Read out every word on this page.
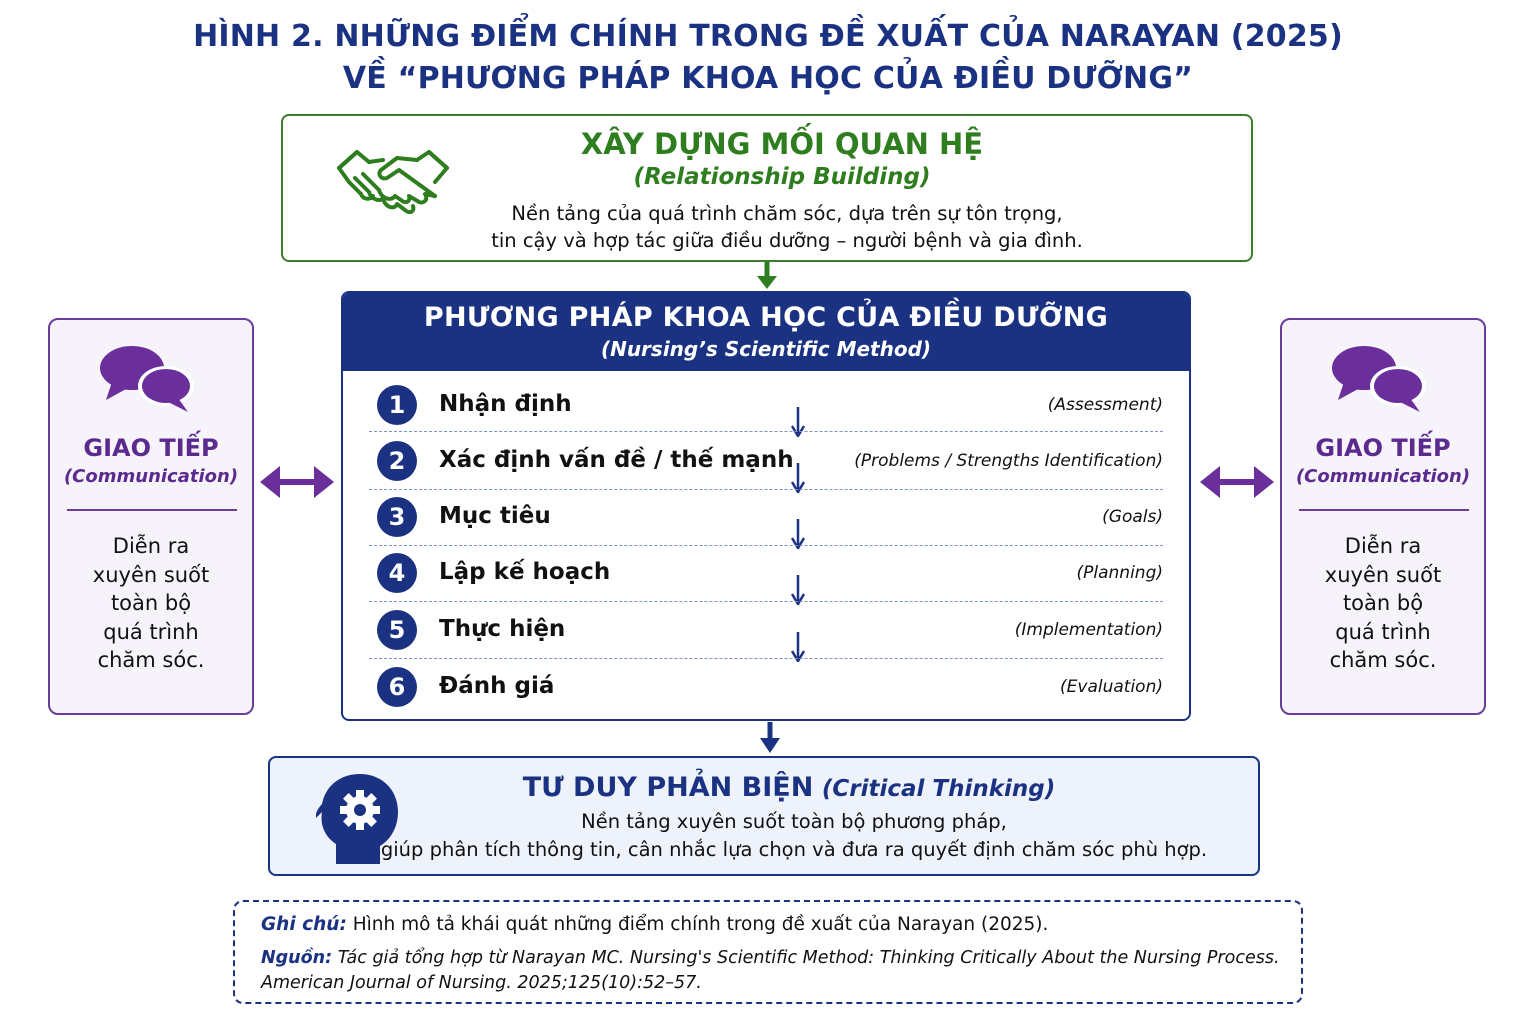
HÌNH 2. NHỮNG ĐIỂM CHÍNH TRONG ĐỀ XUẤT CỦA NARAYAN (2025)
VỀ “PHƯƠNG PHÁP KHOA HỌC CỦA ĐIỀU DƯỠNG”
XÂY DỰNG MỐI QUAN HỆ
(Relationship Building)
Nền tảng của quá trình chăm sóc, dựa trên sự tôn trọng,
tin cậy và hợp tác giữa điều dưỡng – người bệnh và gia đình.
PHƯƠNG PHÁP KHOA HỌC CỦA ĐIỀU DƯỠNG
(Nursing’s Scientific Method)
1	Nhận định	(Assessment)
2	Xác định vấn đề / thế mạnh	(Problems / Strengths Identification)
3	Mục tiêu	(Goals)
4	Lập kế hoạch	(Planning)
5	Thực hiện	(Implementation)
6	Đánh giá	(Evaluation)
GIAO TIẾP
(Communication)
Diễn ra
xuyên suốt
toàn bộ
quá trình
chăm sóc.
GIAO TIẾP
(Communication)
Diễn ra
xuyên suốt
toàn bộ
quá trình
chăm sóc.
TƯ DUY PHẢN BIỆN (Critical Thinking)
Nền tảng xuyên suốt toàn bộ phương pháp,
giúp phân tích thông tin, cân nhắc lựa chọn và đưa ra quyết định chăm sóc phù hợp.
Ghi chú: Hình mô tả khái quát những điểm chính trong đề xuất của Narayan (2025).
Nguồn: Tác giả tổng hợp từ Narayan MC. Nursing's Scientific Method: Thinking Critically About the Nursing Process. American Journal of Nursing. 2025;125(10):52–57.
